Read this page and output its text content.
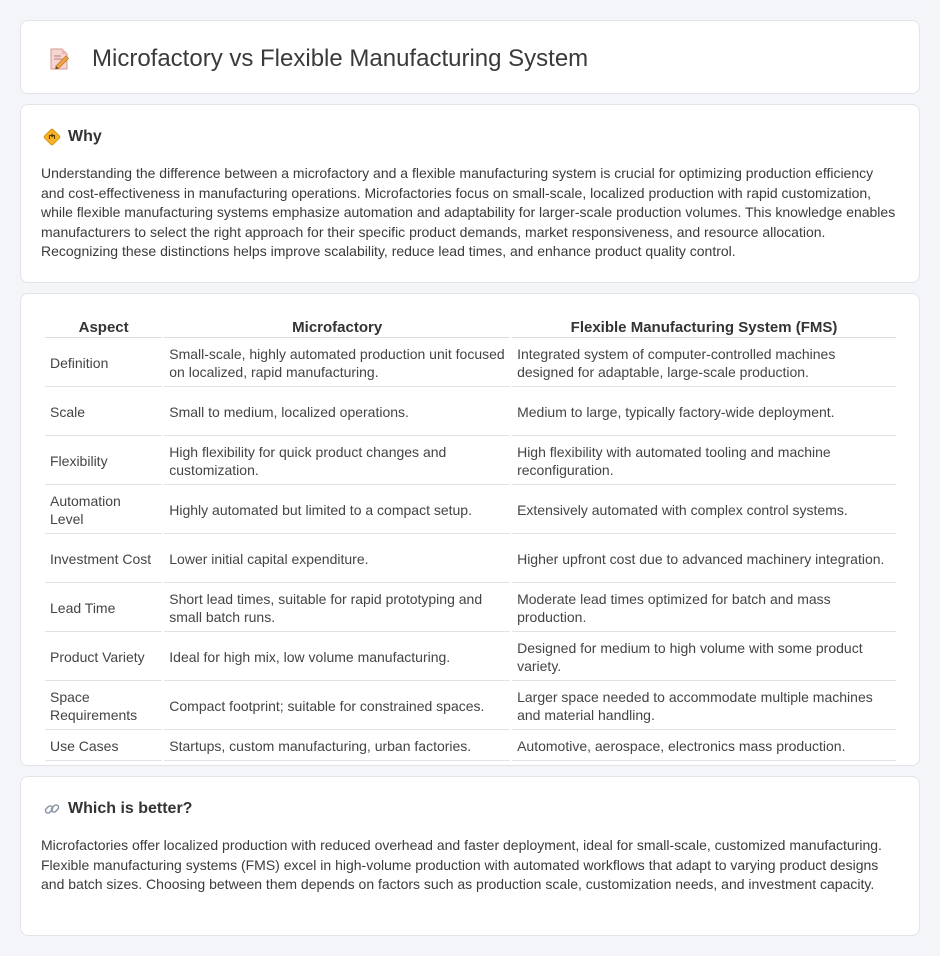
Microfactory vs Flexible Manufacturing System
Why

Understanding the difference between a microfactory and a flexible manufacturing system is crucial for optimizing production efficiency and cost-effectiveness in manufacturing operations. Microfactories focus on small-scale, localized production with rapid customization, while flexible manufacturing systems emphasize automation and adaptability for larger-scale production volumes. This knowledge enables manufacturers to select the right approach for their specific product demands, market responsiveness, and resource allocation. Recognizing these distinctions helps improve scalability, reduce lead times, and enhance product quality control.

Aspect	Microfactory	Flexible Manufacturing System (FMS)
Definition	Small-scale, highly automated production unit focused on localized, rapid manufacturing.	Integrated system of computer-controlled machines designed for adaptable, large-scale production.
Scale	Small to medium, localized operations.	Medium to large, typically factory-wide deployment.
Flexibility	High flexibility for quick product changes and customization.	High flexibility with automated tooling and machine reconfiguration.
Automation Level	Highly automated but limited to a compact setup.	Extensively automated with complex control systems.
Investment Cost	Lower initial capital expenditure.	Higher upfront cost due to advanced machinery integration.
Lead Time	Short lead times, suitable for rapid prototyping and small batch runs.	Moderate lead times optimized for batch and mass production.
Product Variety	Ideal for high mix, low volume manufacturing.	Designed for medium to high volume with some product variety.
Space Requirements	Compact footprint; suitable for constrained spaces.	Larger space needed to accommodate multiple machines and material handling.
Use Cases	Startups, custom manufacturing, urban factories.	Automotive, aerospace, electronics mass production.
Which is better?

Microfactories offer localized production with reduced overhead and faster deployment, ideal for small-scale, customized manufacturing. Flexible manufacturing systems (FMS) excel in high-volume production with automated workflows that adapt to varying product designs and batch sizes. Choosing between them depends on factors such as production scale, customization needs, and investment capacity.
